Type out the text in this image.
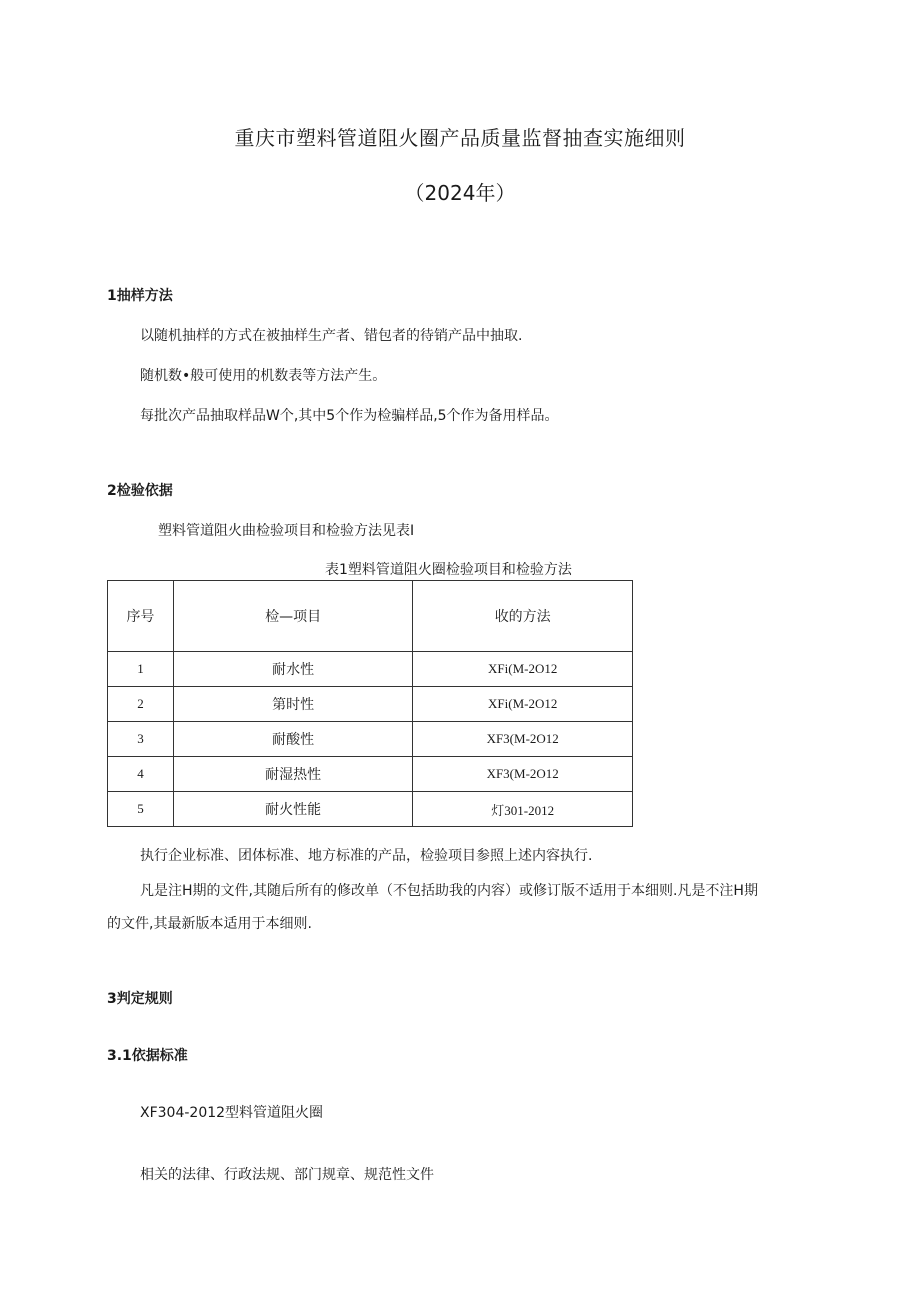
重庆市塑料管道阻火圈产品质量监督抽查实施细则
（2024年）
1抽样方法
以随机抽样的方式在被抽样生产者、错包者的待销产品中抽取.
随机数•般可使用的机数表等方法产生。
每批次产品抽取样品W个,其中5个作为检骗样品,5个作为备用样品。
2检验依据
塑料管道阻火曲检验项目和检验方法见表I
表1塑料管道阻火圈检验项目和检验方法
序号	检—项目	收的方法
1	耐水性	XFi(M-2O12
2	第时性	XFi(M-2O12
3	耐酸性	XF3(M-2O12
4	耐湿热性	XF3(M-2O12
5	耐火性能	灯301-2012
执行企业标准、团体标准、地方标准的产品，检验项目参照上述内容执行.
凡是注H期的文件,其随后所有的修改单（不包括助我的内容）或修订版不适用于本细则.凡是不注H期
的文件,其最新版本适用于本细则.
3判定规则
3.1依据标准
XF304-2012型料管道阻火圈
相关的法律、行政法规、部门规章、规范性文件
